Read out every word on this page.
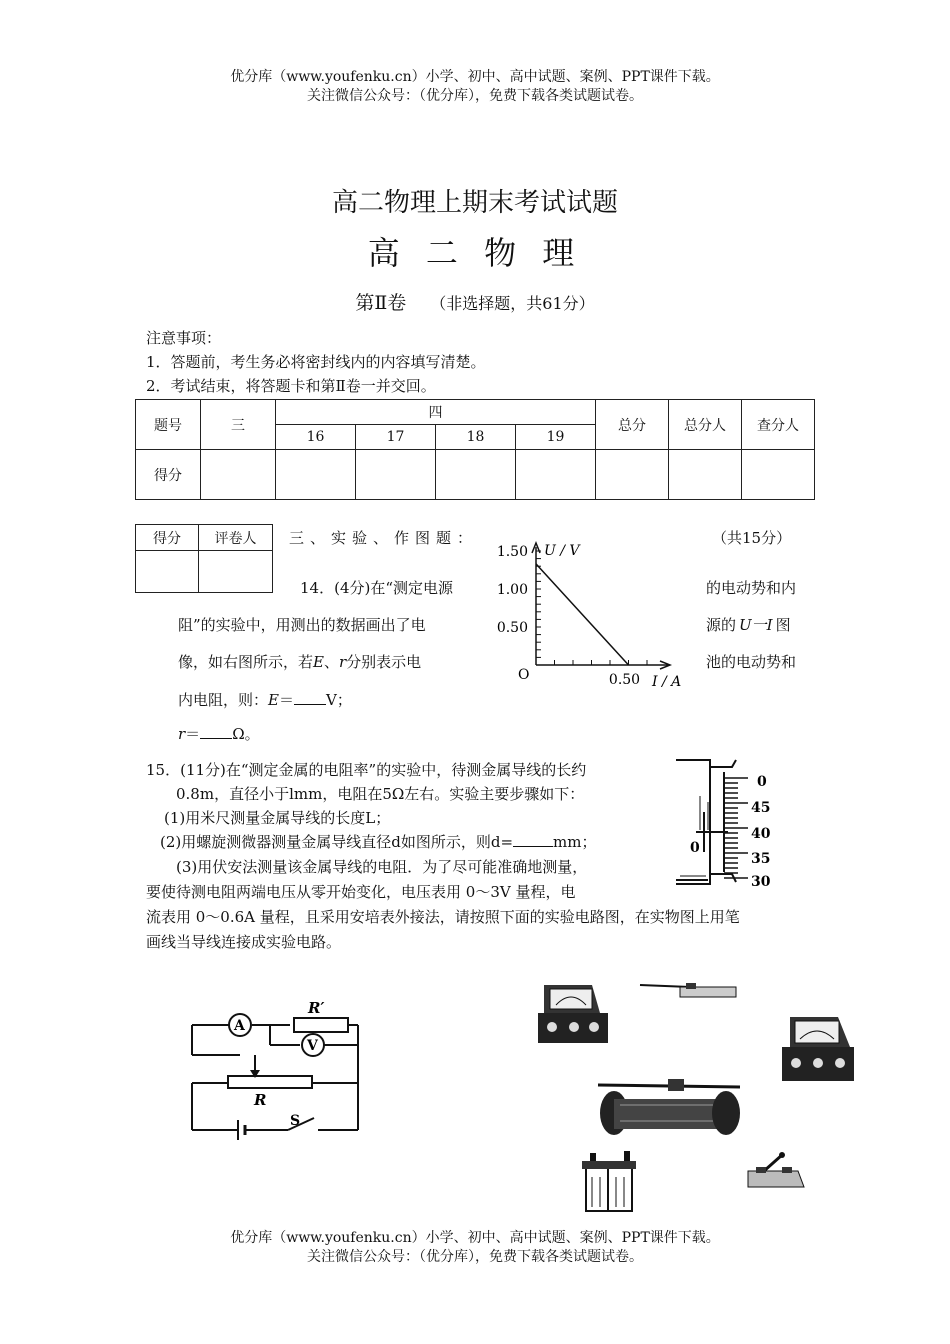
优分库（www.youfenku.cn）小学、初中、高中试题、案例、PPT课件下载。
关注微信公众号：（优分库），免费下载各类试题试卷。
高二物理上期末考试试题
高 二 物 理
第Ⅱ卷 （非选择题，共61分）
注意事项：
1．答题前，考生务必将密封线内的内容填写清楚。
2．考试结束，将答题卡和第Ⅱ卷一并交回。
题号	三	四				总分	总分人	查分人
		16	17	18	19			
得分								
得分	评卷人
	三、实验、作图题：	（共15分）
14．(4分)在“测定电源	的电动势和内
阻”的实验中，用测出的数据画出了电	源的 U一I 图
像，如右图所示，若E、r分别表示电	池的电动势和
内电阻，则：E＝ V；
r＝ Ω。
1.50
1.00
0.50
0.50
O
U / V
I / A
15．(11分)在“测定金属的电阻率”的实验中，待测金属导线的长约
0.8m，直径小于lmm，电阻在5Ω左右。实验主要步骤如下：
(1)用米尺测量金属导线的长度L；
(2)用螺旋测微器测量金属导线直径d如图所示，则d=	mm；
(3)用伏安法测量该金属导线的电阻．为了尽可能准确地测量，
要使待测电阻两端电压从零开始变化，电压表用 0～3V 量程，电
流表用 0～0.6A 量程，且采用安培表外接法，请按照下面的实验电路图，在实物图上用笔
画线当导线连接成实验电路。
0
0
45
40
35
30
A
V
R′
R
S
优分库（www.youfenku.cn）小学、初中、高中试题、案例、PPT课件下载。
关注微信公众号：（优分库），免费下载各类试题试卷。
